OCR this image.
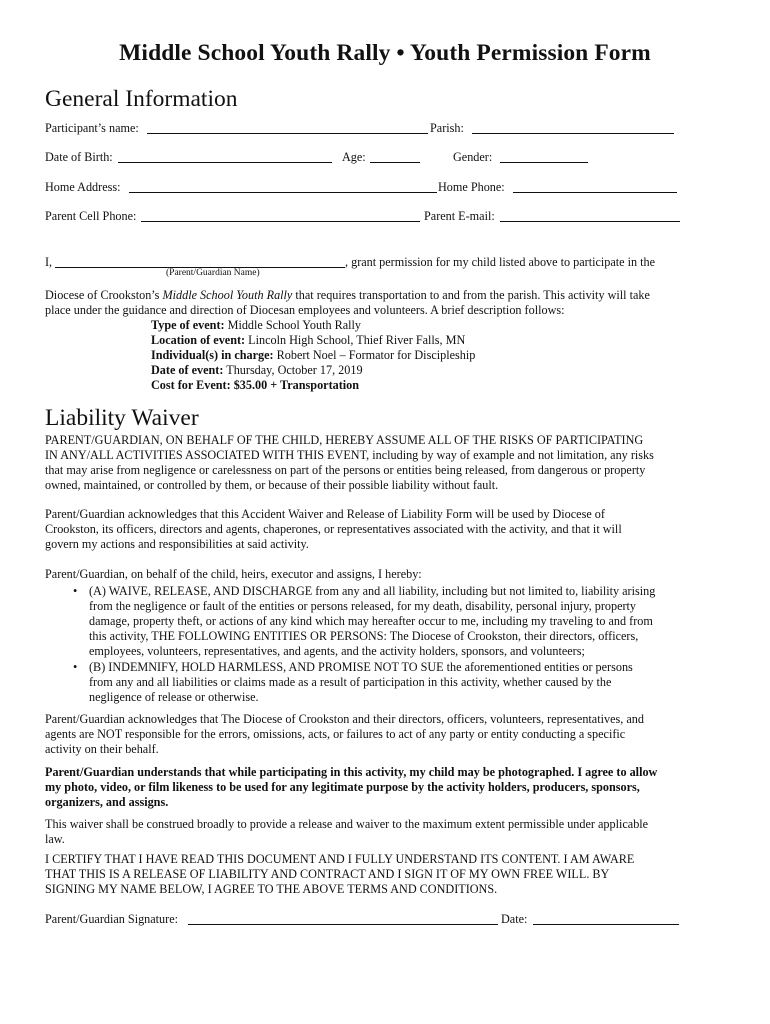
Middle School Youth Rally • Youth Permission Form
General Information
Participant’s name:	Parish:
Date of Birth:	Age:	Gender:
Home Address:	Home Phone:
Parent Cell Phone:	Parent E-mail:
I,	, grant permission for my child listed above to participate in the
(Parent/Guardian Name)

Diocese of Crookston’s Middle School Youth Rally that requires transportation to and from the parish. This activity will take

place under the guidance and direction of Diocesan employees and volunteers. A brief description follows:

Type of event: Middle School Youth Rally
Location of event: Lincoln High School, Thief River Falls, MN
Individual(s) in charge: Robert Noel – Formator for Discipleship
Date of event: Thursday, October 17, 2019
Cost for Event: $35.00 + Transportation
Liability Waiver

PARENT/GUARDIAN, ON BEHALF OF THE CHILD, HEREBY ASSUME ALL OF THE RISKS OF PARTICIPATING

IN ANY/ALL ACTIVITIES ASSOCIATED WITH THIS EVENT, including by way of example and not limitation, any risks

that may arise from negligence or carelessness on part of the persons or entities being released, from dangerous or property

owned, maintained, or controlled by them, or because of their possible liability without fault.

Parent/Guardian acknowledges that this Accident Waiver and Release of Liability Form will be used by Diocese of

Crookston, its officers, directors and agents, chaperones, or representatives associated with the activity, and that it will

govern my actions and responsibilities at said activity.

Parent/Guardian, on behalf of the child, heirs, executor and assigns, I hereby:

• (A) WAIVE, RELEASE, AND DISCHARGE from any and all liability, including but not limited to, liability arising
from the negligence or fault of the entities or persons released, for my death, disability, personal injury, property
damage, property theft, or actions of any kind which may hereafter occur to me, including my traveling to and from
this activity, THE FOLLOWING ENTITIES OR PERSONS: The Diocese of Crookston, their directors, officers,
employees, volunteers, representatives, and agents, and the activity holders, sponsors, and volunteers;
• (B) INDEMNIFY, HOLD HARMLESS, AND PROMISE NOT TO SUE the aforementioned entities or persons
from any and all liabilities or claims made as a result of participation in this activity, whether caused by the
negligence of release or otherwise.

Parent/Guardian acknowledges that The Diocese of Crookston and their directors, officers, volunteers, representatives, and

agents are NOT responsible for the errors, omissions, acts, or failures to act of any party or entity conducting a specific

activity on their behalf.

Parent/Guardian understands that while participating in this activity, my child may be photographed. I agree to allow

my photo, video, or film likeness to be used for any legitimate purpose by the activity holders, producers, sponsors,

organizers, and assigns.

This waiver shall be construed broadly to provide a release and waiver to the maximum extent permissible under applicable

law.

I CERTIFY THAT I HAVE READ THIS DOCUMENT AND I FULLY UNDERSTAND ITS CONTENT. I AM AWARE

THAT THIS IS A RELEASE OF LIABILITY AND CONTRACT AND I SIGN IT OF MY OWN FREE WILL. BY

SIGNING MY NAME BELOW, I AGREE TO THE ABOVE TERMS AND CONDITIONS.

Parent/Guardian Signature:	Date:
